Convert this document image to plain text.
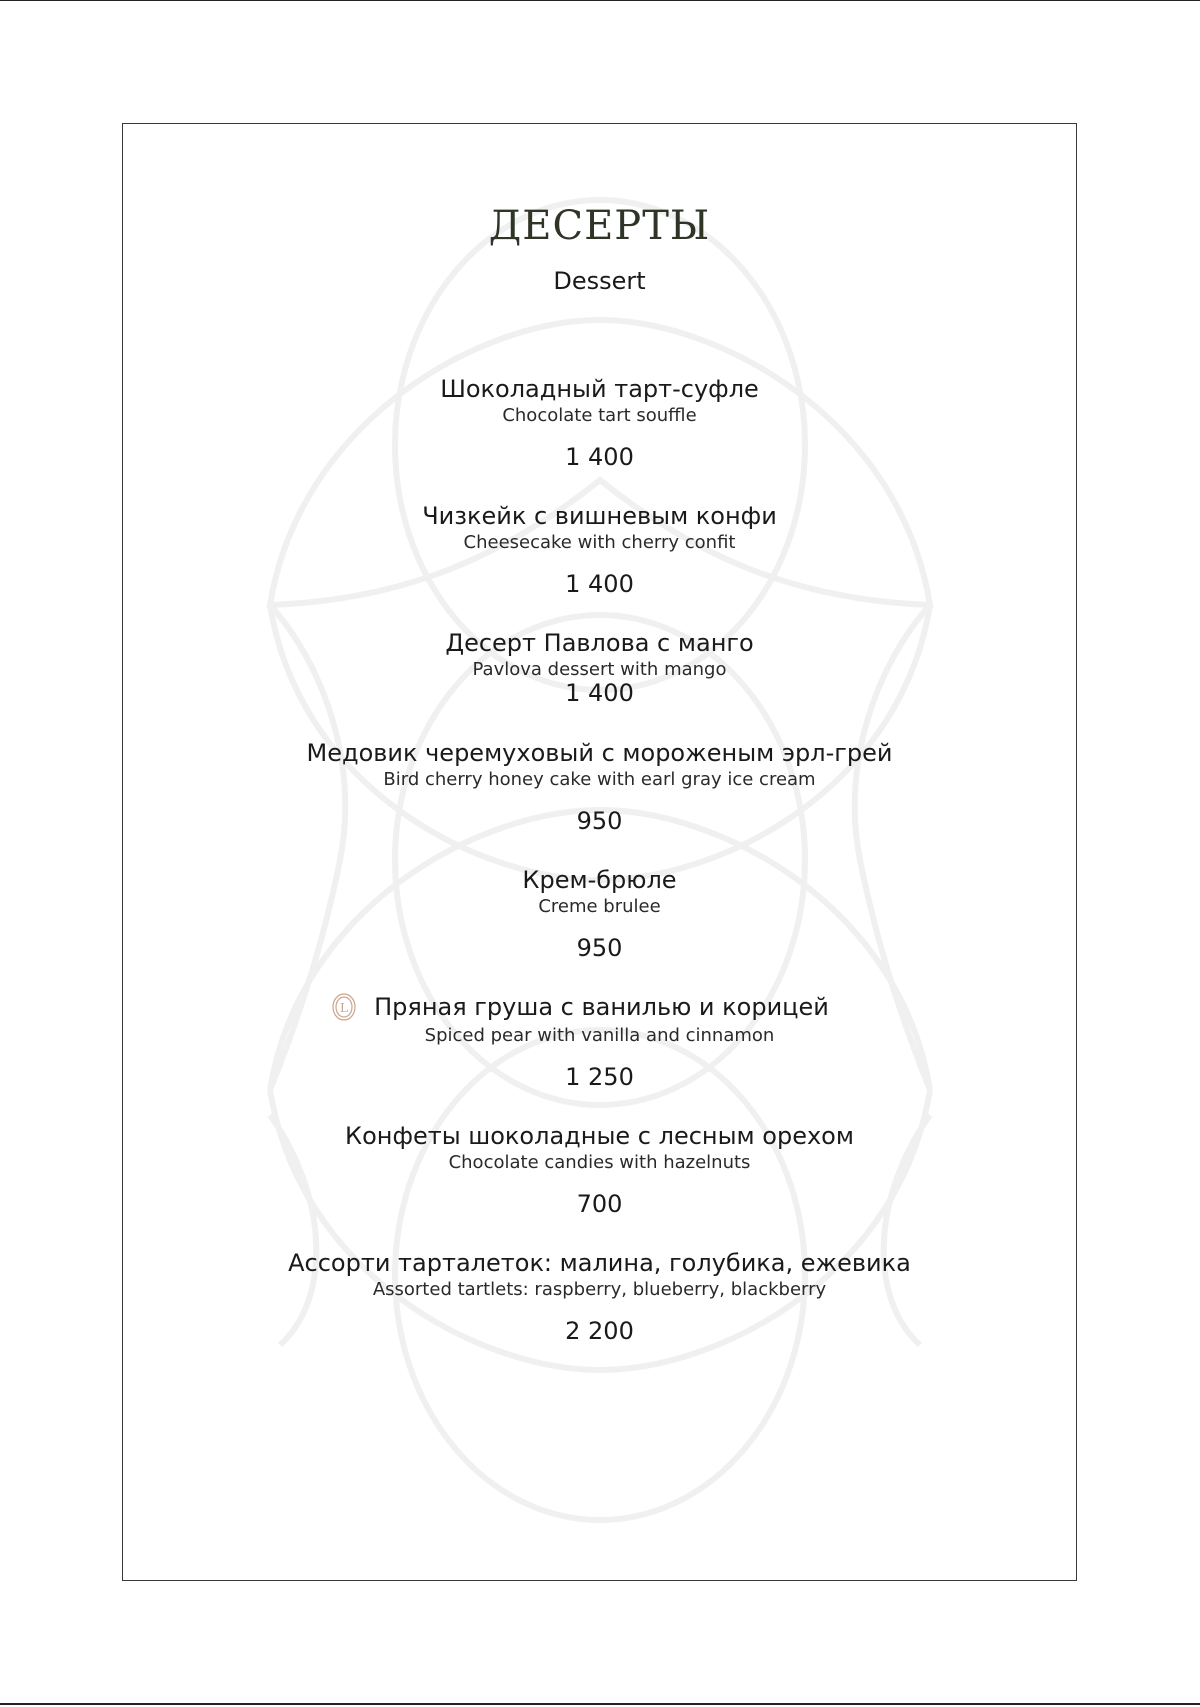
ДЕСЕРТЫ
Dessert
Шоколадный тарт-суфле
Chocolate tart souffle
1 400
Чизкейк с вишневым конфи
Cheesecake with cherry confit
1 400
Десерт Павлова с манго
Pavlova dessert with mango
1 400
Медовик черемуховый с мороженым эрл-грей
Bird cherry honey cake with earl gray ice cream
950
Крем-брюле
Creme brulee
950
L	Пряная груша с ванилью и корицей
Spiced pear with vanilla and cinnamon
1 250
Конфеты шоколадные с лесным орехом
Chocolate candies with hazelnuts
700
Ассорти тарталеток: малина, голубика, ежевика
Assorted tartlets: raspberry, blueberry, blackberry
2 200
